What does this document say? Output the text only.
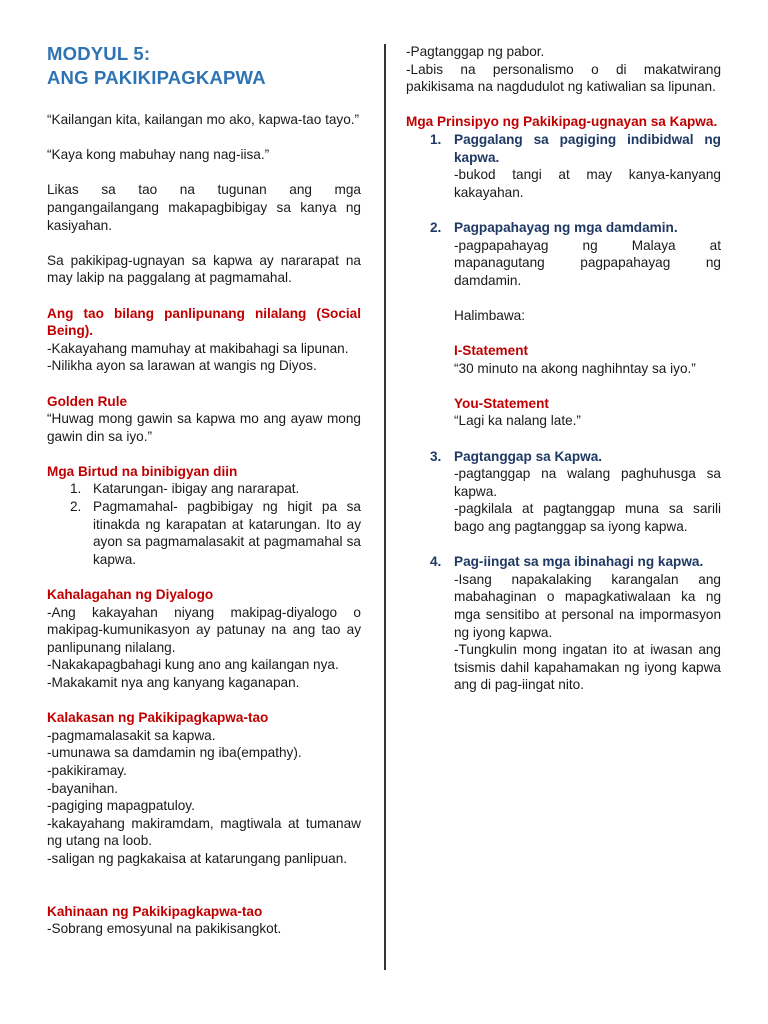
MODYUL 5:
ANG PAKIKIPAGKAPWA

“Kailangan kita, kailangan mo ako, kapwa-tao tayo.”

“Kaya kong mabuhay nang nag-iisa.”

Likas sa tao na tugunan ang mga pangangailangang makapagbibigay sa kanya ng kasiyahan.

Sa pakikipag-ugnayan sa kapwa ay nararapat na may lakip na paggalang at pagmamahal.

Ang tao bilang panlipunang nilalang (Social Being).

-Kakayahang mamuhay at makibahagi sa lipunan.

-Nilikha ayon sa larawan at wangis ng Diyos.

Golden Rule

“Huwag mong gawin sa kapwa mo ang ayaw mong gawin din sa iyo.”

Mga Birtud na binibigyan diin

1. Katarungan- ibigay ang nararapat.
2. Pagmamahal- pagbibigay ng higit pa sa itinakda ng karapatan at katarungan. Ito ay ayon sa pagmamalasakit at pagmamahal sa kapwa.

Kahalagahan ng Diyalogo

-Ang kakayahan niyang makipag-diyalogo o makipag-kumunikasyon ay patunay na ang tao ay panlipunang nilalang.

-Nakakapagbahagi kung ano ang kailangan nya.

-Makakamit nya ang kanyang kaganapan.

Kalakasan ng Pakikipagkapwa-tao

-pagmamalasakit sa kapwa.

-umunawa sa damdamin ng iba(empathy).

-pakikiramay.

-bayanihan.

-pagiging mapagpatuloy.

-kakayahang makiramdam, magtiwala at tumanaw ng utang na loob.

-saligan ng pagkakaisa at katarungang panlipuan.

Kahinaan ng Pakikipagkapwa-tao

-Sobrang emosyunal na pakikisangkot.

-Pagtanggap ng pabor.

-Labis na personalismo o di makatwirang pakikisama na nagdudulot ng katiwalian sa lipunan.

Mga Prinsipyo ng Pakikipag-ugnayan sa Kapwa.

1. Paggalang sa pagiging indibidwal ng kapwa.
-bukod tangi at may kanya-kanyang kakayahan.
2. Pagpapahayag ng mga damdamin.
-pagpapahayag ng Malaya at mapanagutang pagpapahayag ng damdamin.
Halimbawa:
I-Statement
“30 minuto na akong naghihntay sa iyo.”
You-Statement
“Lagi ka nalang late.”
3. Pagtanggap sa Kapwa.
-pagtanggap na walang paghuhusga sa kapwa.
-pagkilala at pagtanggap muna sa sarili bago ang pagtanggap sa iyong kapwa.
4. Pag-iingat sa mga ibinahagi ng kapwa.
-Isang napakalaking karangalan ang mabahaginan o mapagkatiwalaan ka ng mga sensitibo at personal na impormasyon ng iyong kapwa.
-Tungkulin mong ingatan ito at iwasan ang tsismis dahil kapahamakan ng iyong kapwa ang di pag-iingat nito.
